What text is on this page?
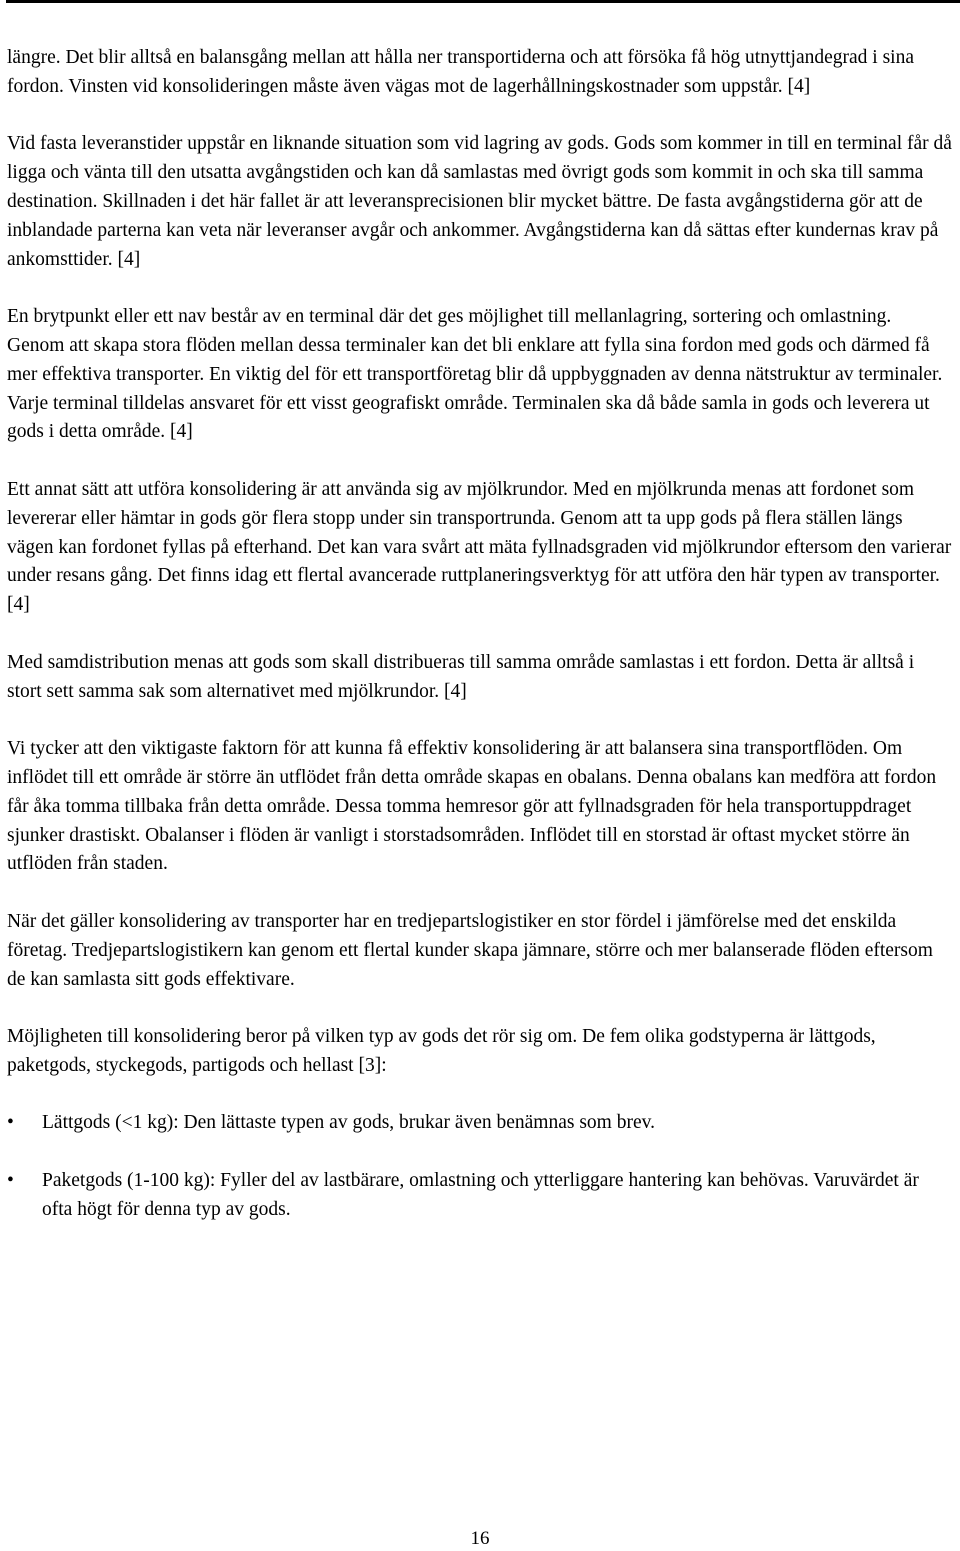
längre. Det blir alltså en balansgång mellan att hålla ner transportiderna och att försöka få hög utnyttjandegrad i sina fordon. Vinsten vid konsolideringen måste även vägas mot de lagerhållningskostnader som uppstår. [4]

Vid fasta leveranstider uppstår en liknande situation som vid lagring av gods. Gods som kommer in till en terminal får då ligga och vänta till den utsatta avgångstiden och kan då samlastas med övrigt gods som kommit in och ska till samma destination. Skillnaden i det här fallet är att leveransprecisionen blir mycket bättre. De fasta avgångstiderna gör att de inblandade parterna kan veta när leveranser avgår och ankommer. Avgångstiderna kan då sättas efter kundernas krav på ankomsttider. [4]

En brytpunkt eller ett nav består av en terminal där det ges möjlighet till mellanlagring, sortering och omlastning. Genom att skapa stora flöden mellan dessa terminaler kan det bli enklare att fylla sina fordon med gods och därmed få mer effektiva transporter. En viktig del för ett transportföretag blir då uppbyggnaden av denna nätstruktur av terminaler. Varje terminal tilldelas ansvaret för ett visst geografiskt område. Terminalen ska då både samla in gods och leverera ut gods i detta område. [4]

Ett annat sätt att utföra konsolidering är att använda sig av mjölkrundor. Med en mjölkrunda menas att fordonet som levererar eller hämtar in gods gör flera stopp under sin transportrunda. Genom att ta upp gods på flera ställen längs vägen kan fordonet fyllas på efterhand. Det kan vara svårt att mäta fyllnadsgraden vid mjölkrundor eftersom den varierar under resans gång. Det finns idag ett flertal avancerade ruttplaneringsverktyg för att utföra den här typen av transporter. [4]

Med samdistribution menas att gods som skall distribueras till samma område samlastas i ett fordon. Detta är alltså i stort sett samma sak som alternativet med mjölkrundor. [4]

Vi tycker att den viktigaste faktorn för att kunna få effektiv konsolidering är att balansera sina transportflöden. Om inflödet till ett område är större än utflödet från detta område skapas en obalans. Denna obalans kan medföra att fordon får åka tomma tillbaka från detta område. Dessa tomma hemresor gör att fyllnadsgraden för hela transportuppdraget sjunker drastiskt. Obalanser i flöden är vanligt i storstadsområden. Inflödet till en storstad är oftast mycket större än utflöden från staden.

När det gäller konsolidering av transporter har en tredjepartslogistiker en stor fördel i jämförelse med det enskilda företag. Tredjepartslogistikern kan genom ett flertal kunder skapa jämnare, större och mer balanserade flöden eftersom de kan samlasta sitt gods effektivare.

Möjligheten till konsolidering beror på vilken typ av gods det rör sig om. De fem olika godstyperna är lättgods, paketgods, styckegods, partigods och hellast [3]:

• Lättgods (<1 kg): Den lättaste typen av gods, brukar även benämnas som brev.
• Paketgods (1-100 kg): Fyller del av lastbärare, omlastning och ytterliggare hantering kan behövas. Varuvärdet är ofta högt för denna typ av gods.
16
